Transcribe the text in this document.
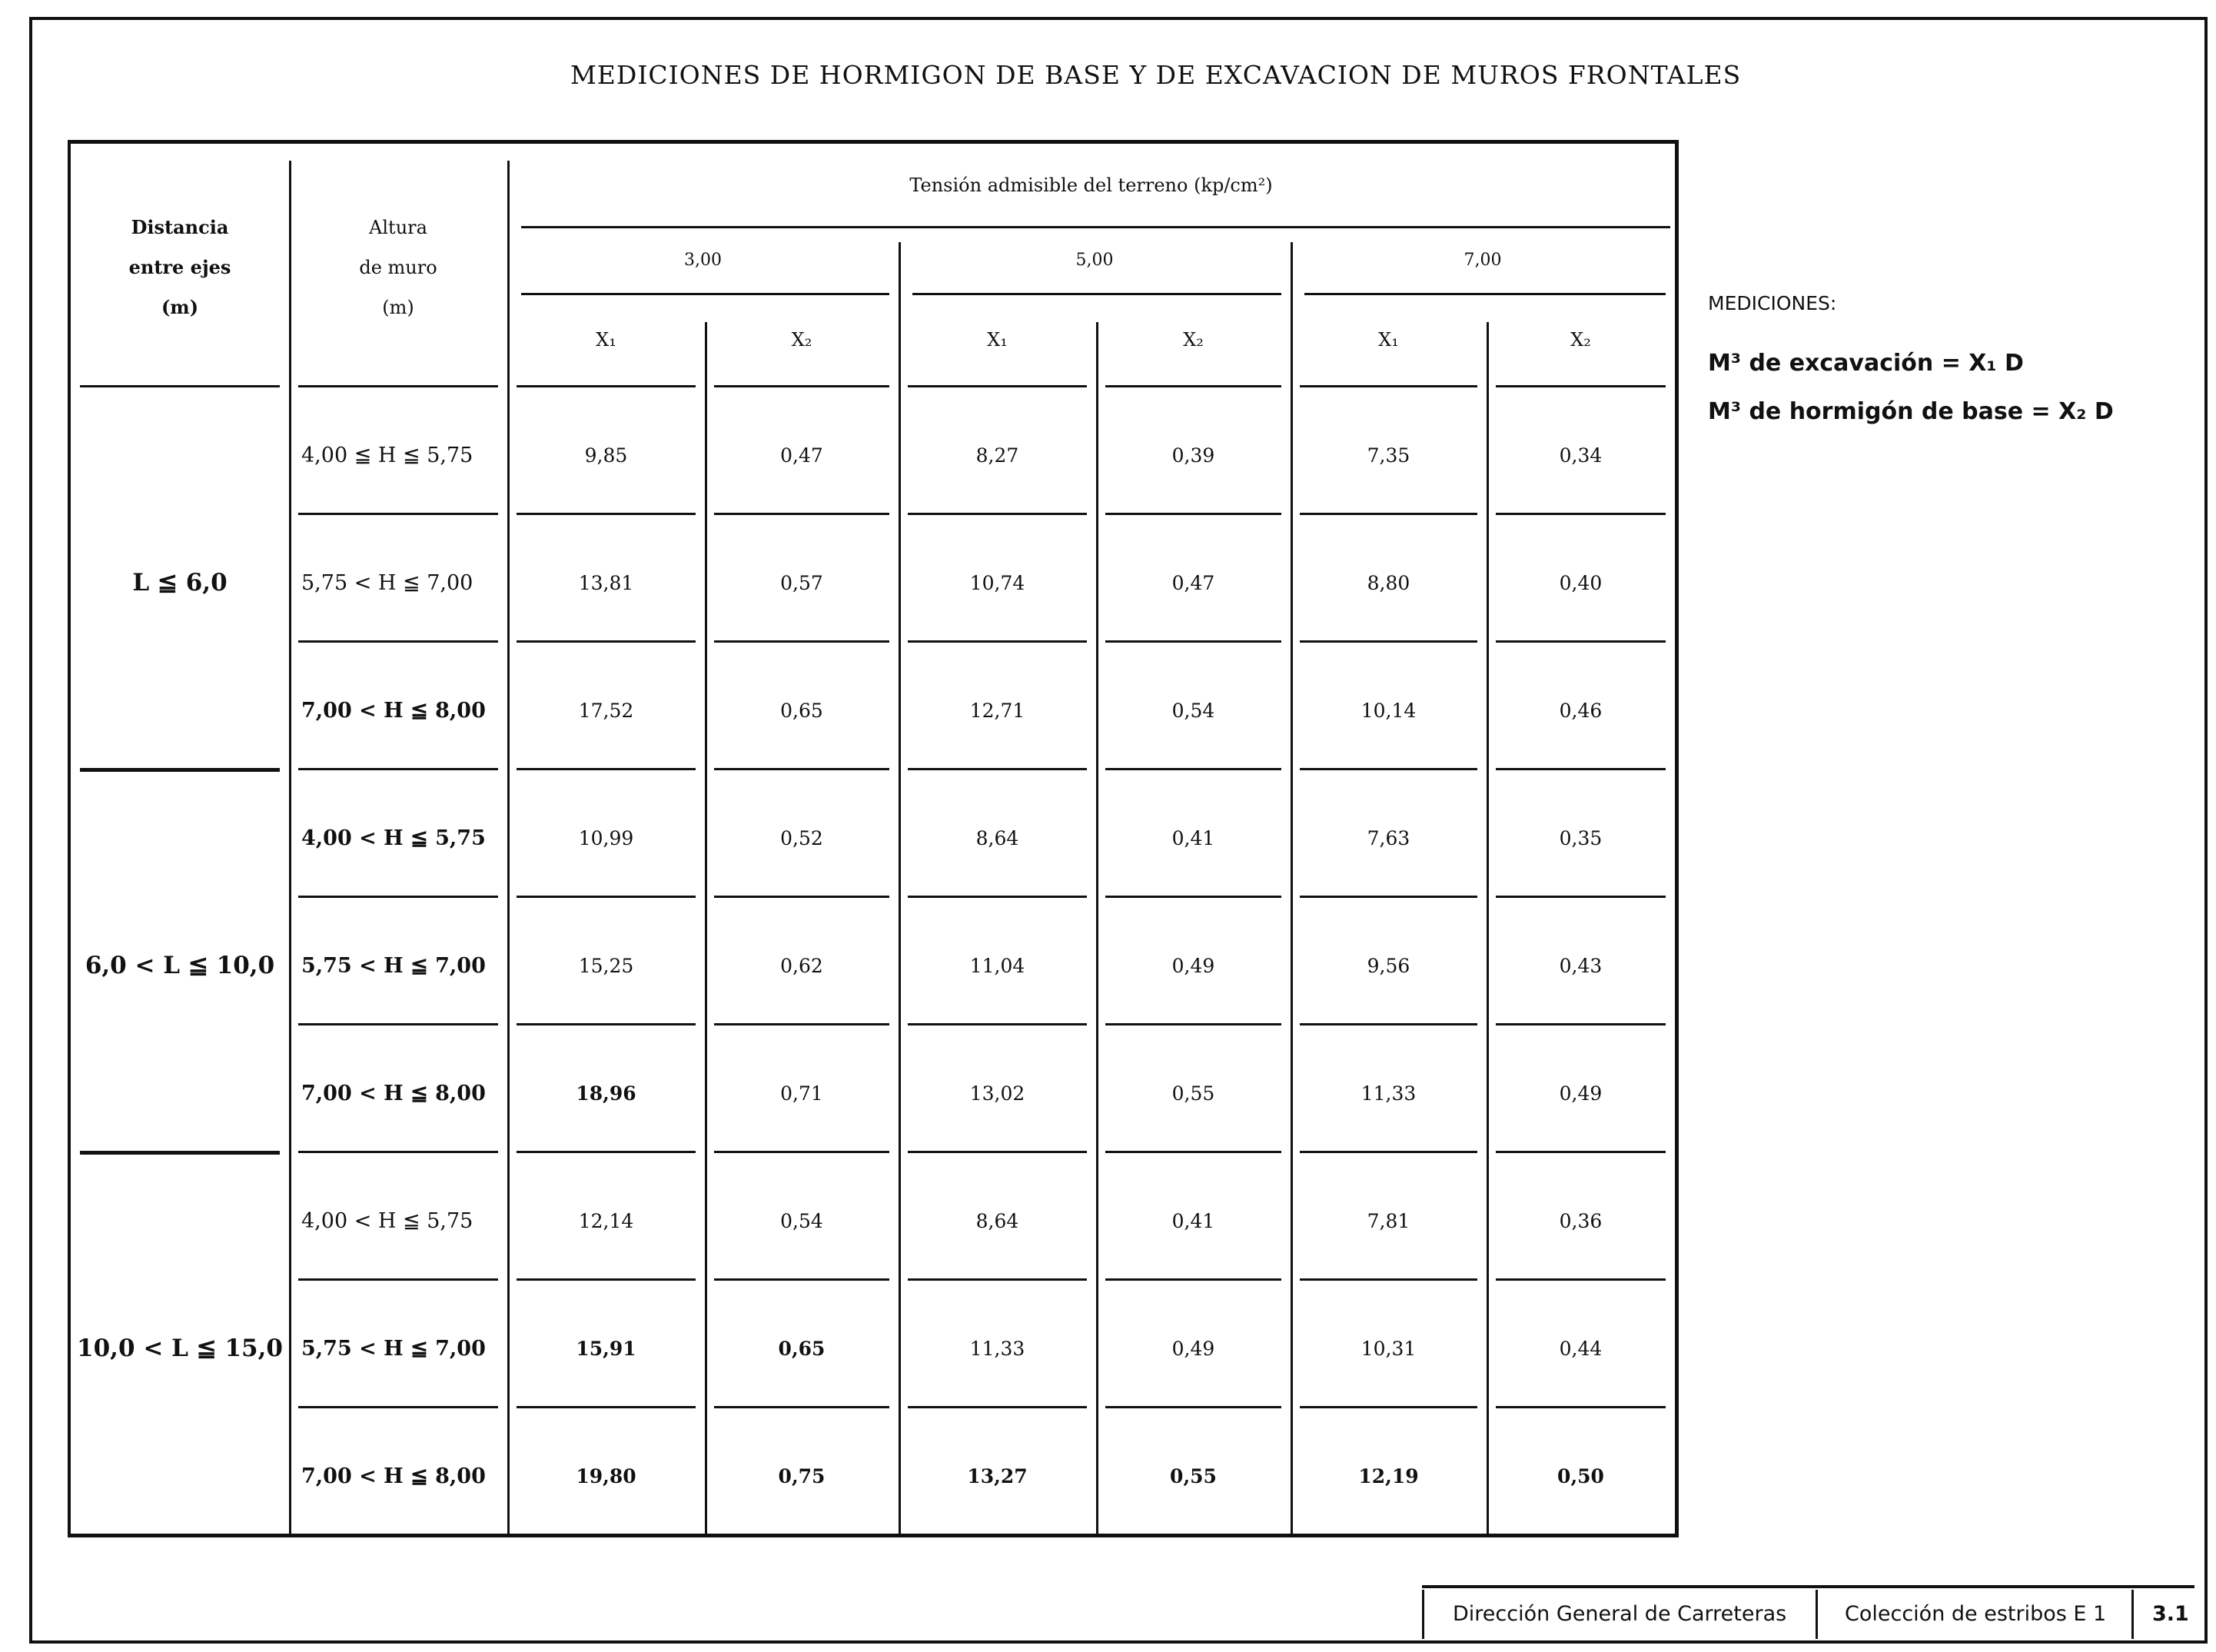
MEDICIONES DE HORMIGON DE BASE Y DE EXCAVACION DE MUROS FRONTALES
Distancia
entre ejes
(m)
Altura
de muro
(m)
Tensión admisible del terreno (kp/cm²)
3,00	5,00	7,00
X₁	X₂	X₁	X₂	X₁	X₂
L ≦ 6,0
4,00 ≦ H ≦ 5,75	9,85	0,47	8,27	0,39	7,35	0,34
5,75 < H ≦ 7,00	13,81	0,57	10,74	0,47	8,80	0,40
7,00 < H ≦ 8,00	17,52	0,65	12,71	0,54	10,14	0,46
6,0 < L ≦ 10,0
4,00 < H ≦ 5,75	10,99	0,52	8,64	0,41	7,63	0,35
5,75 < H ≦ 7,00	15,25	0,62	11,04	0,49	9,56	0,43
7,00 < H ≦ 8,00	18,96	0,71	13,02	0,55	11,33	0,49
10,0 < L ≦ 15,0
4,00 < H ≦ 5,75	12,14	0,54	8,64	0,41	7,81	0,36
5,75 < H ≦ 7,00	15,91	0,65	11,33	0,49	10,31	0,44
7,00 < H ≦ 8,00	19,80	0,75	13,27	0,55	12,19	0,50
MEDICIONES:
M³ de excavación = X₁ D
M³ de hormigón de base = X₂ D
Dirección General de Carreteras	Colección de estribos E 1 3.1
